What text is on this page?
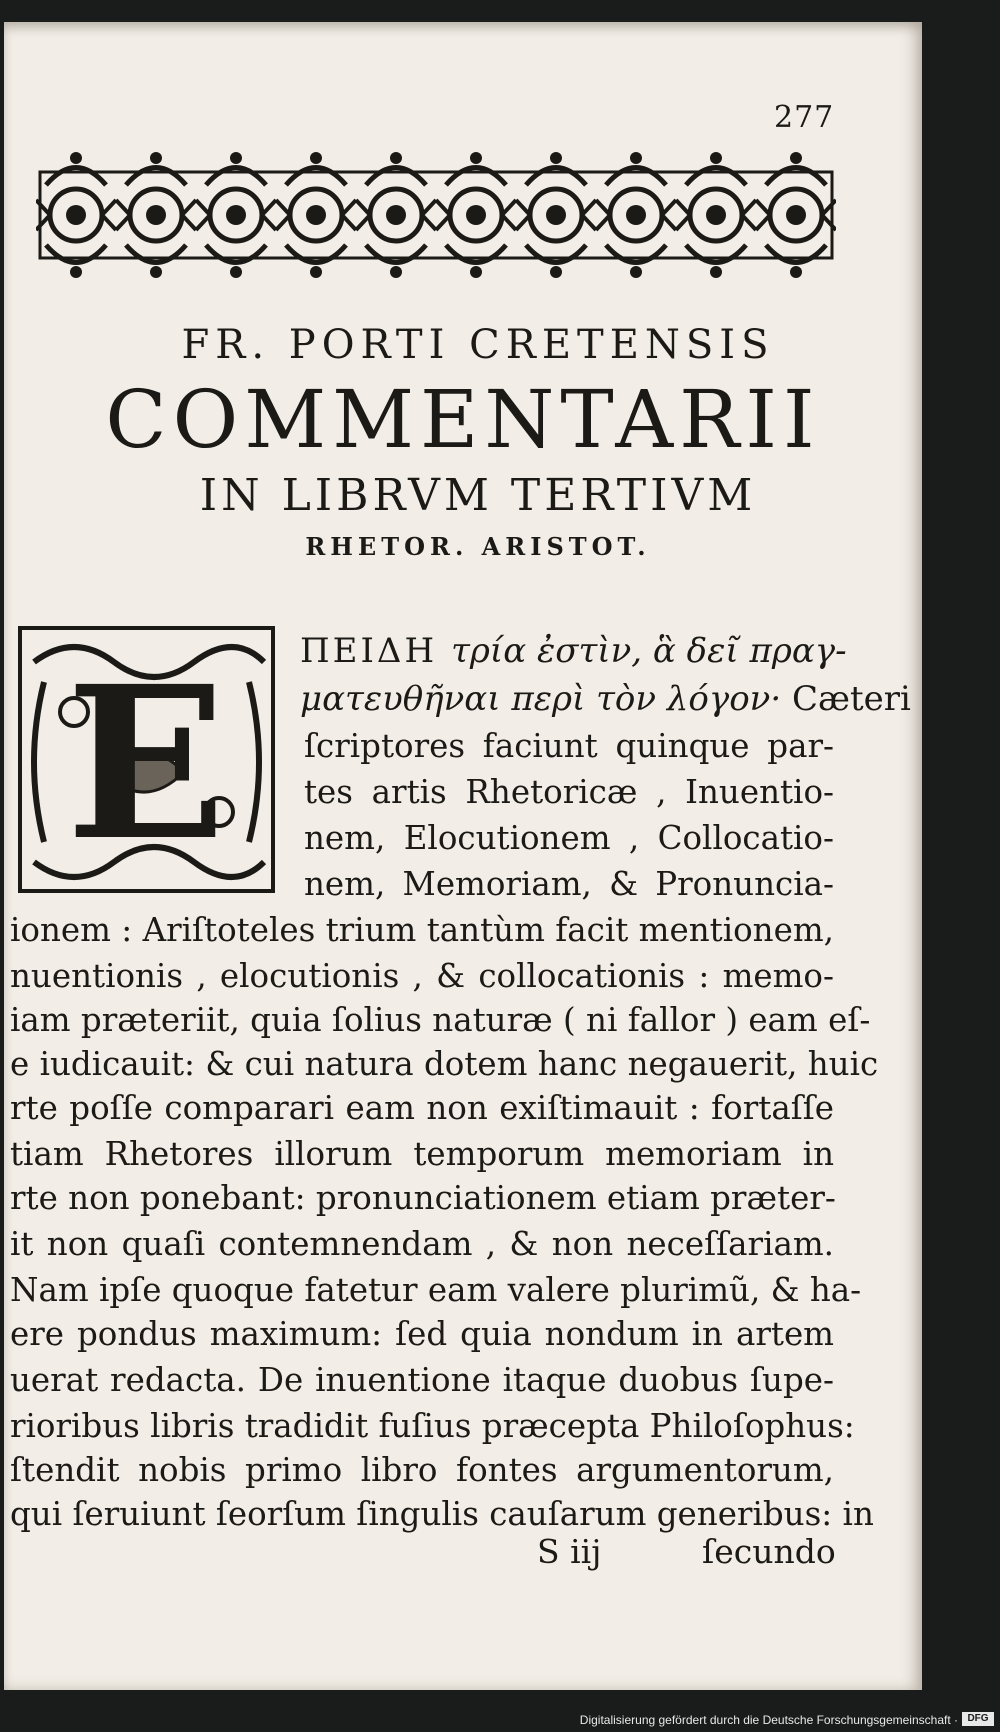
277
FR. PORTI CRETENSIS
COMMENTARII
IN LIBRVM TERTIVM
RHETOR. ARISTOT.
E ΠΕΙΔΗ τρία ἐστὶν, ἃ δεῖ πραγ-
ματευθῆναι περὶ τὸν λόγον· Cæteri
ſcriptores faciunt quinque par-
tes artis Rhetoricæ , Inuentio-
nem, Elocutionem , Collocatio-
nem, Memoriam, & Pronuncia-
ionem : Ariſtoteles trium tantùm facit mentionem,
nuentionis , elocutionis , & collocationis : memo-
iam præteriit, quia ſolius naturæ ( ni fallor ) eam eſ-
e iudicauit: & cui natura dotem hanc negauerit, huic
rte poſſe comparari eam non exiſtimauit : fortaſſe
tiam Rhetores illorum temporum memoriam in
rte non ponebant: pronunciationem etiam præter-
it non quaſi contemnendam , & non neceſſariam.
Nam ipſe quoque fatetur eam valere plurimũ, & ha-
ere pondus maximum: ſed quia nondum in artem
uerat redacta. De inuentione itaque duobus ſupe-
rioribus libris tradidit fuſius præcepta Philoſophus:
ſtendit nobis primo libro fontes argumentorum,
qui ſeruiunt ſeorſum ſingulis cauſarum generibus: in
S iij	ſecundo
Digitalisierung gefördert durch die Deutsche Forschungsgemeinschaft · DFG
